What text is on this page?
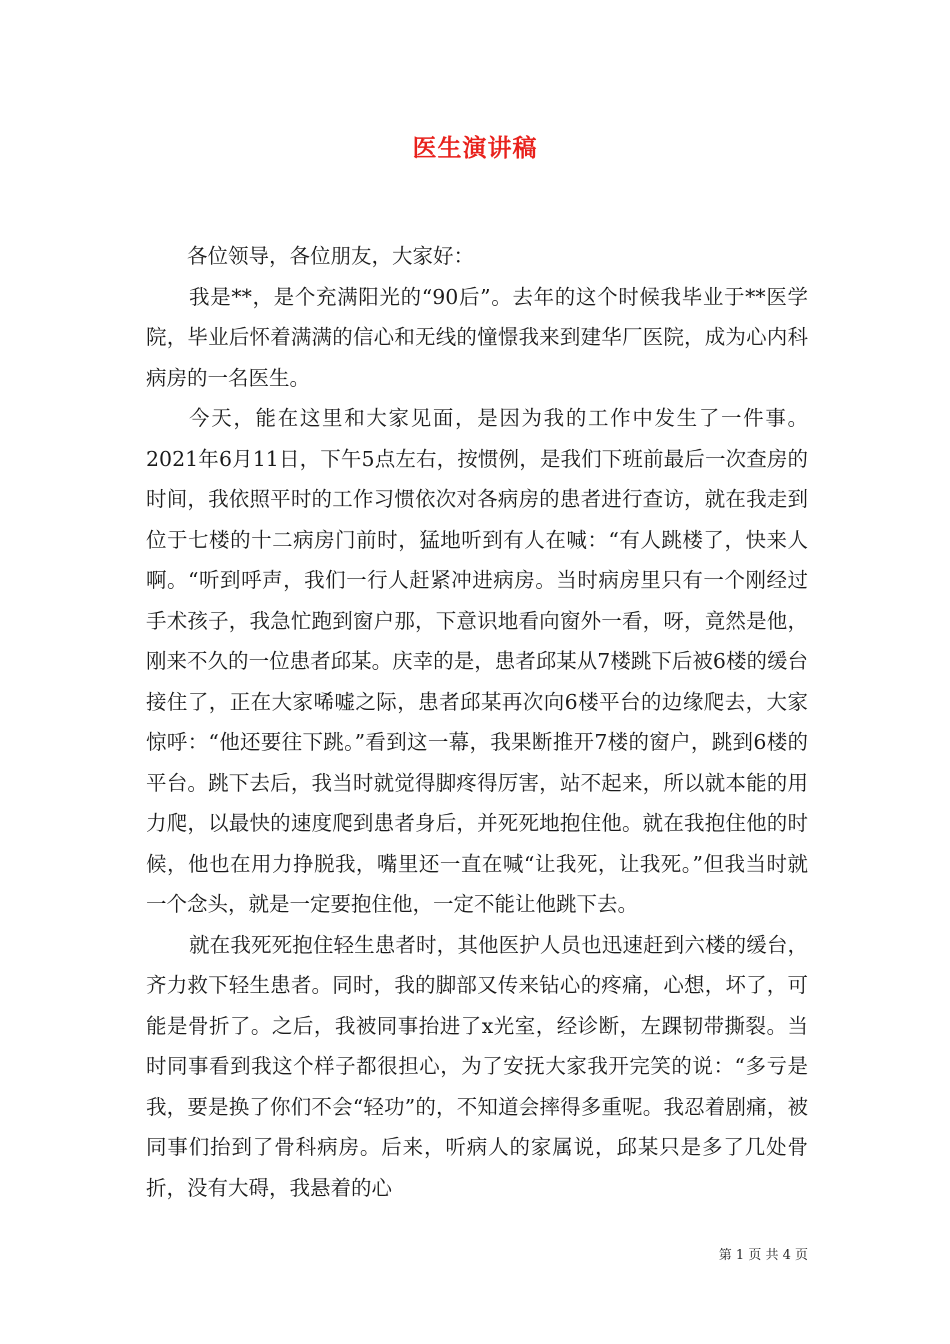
医生演讲稿

各位领导，各位朋友，大家好：

我是**，是个充满阳光的“90后”。去年的这个时候我毕业于**医学院，毕业后怀着满满的信心和无线的憧憬我来到建华厂医院，成为心内科病房的一名医生。

今天，能在这里和大家见面，是因为我的工作中发生了一件事。2021年6月11日，下午5点左右，按惯例，是我们下班前最后一次查房的时间，我依照平时的工作习惯依次对各病房的患者进行查访，就在我走到位于七楼的十二病房门前时，猛地听到有人在喊：“有人跳楼了，快来人啊。“听到呼声，我们一行人赶紧冲进病房。当时病房里只有一个刚经过手术孩子，我急忙跑到窗户那，下意识地看向窗外一看，呀，竟然是他，刚来不久的一位患者邱某。庆幸的是，患者邱某从7楼跳下后被6楼的缓台接住了，正在大家唏嘘之际，患者邱某再次向6楼平台的边缘爬去，大家惊呼：“他还要往下跳。”看到这一幕，我果断推开7楼的窗户，跳到6楼的平台。跳下去后，我当时就觉得脚疼得厉害，站不起来，所以就本能的用力爬，以最快的速度爬到患者身后，并死死地抱住他。就在我抱住他的时候，他也在用力挣脱我，嘴里还一直在喊“让我死，让我死。”但我当时就一个念头，就是一定要抱住他，一定不能让他跳下去。

就在我死死抱住轻生患者时，其他医护人员也迅速赶到六楼的缓台，齐力救下轻生患者。同时，我的脚部又传来钻心的疼痛，心想，坏了，可能是骨折了。之后，我被同事抬进了x光室，经诊断，左踝韧带撕裂。当时同事看到我这个样子都很担心，为了安抚大家我开完笑的说：“多亏是我，要是换了你们不会“轻功”的，不知道会摔得多重呢。我忍着剧痛，被同事们抬到了骨科病房。后来，听病人的家属说，邱某只是多了几处骨折，没有大碍，我悬着的心

第 1 页 共 4 页
